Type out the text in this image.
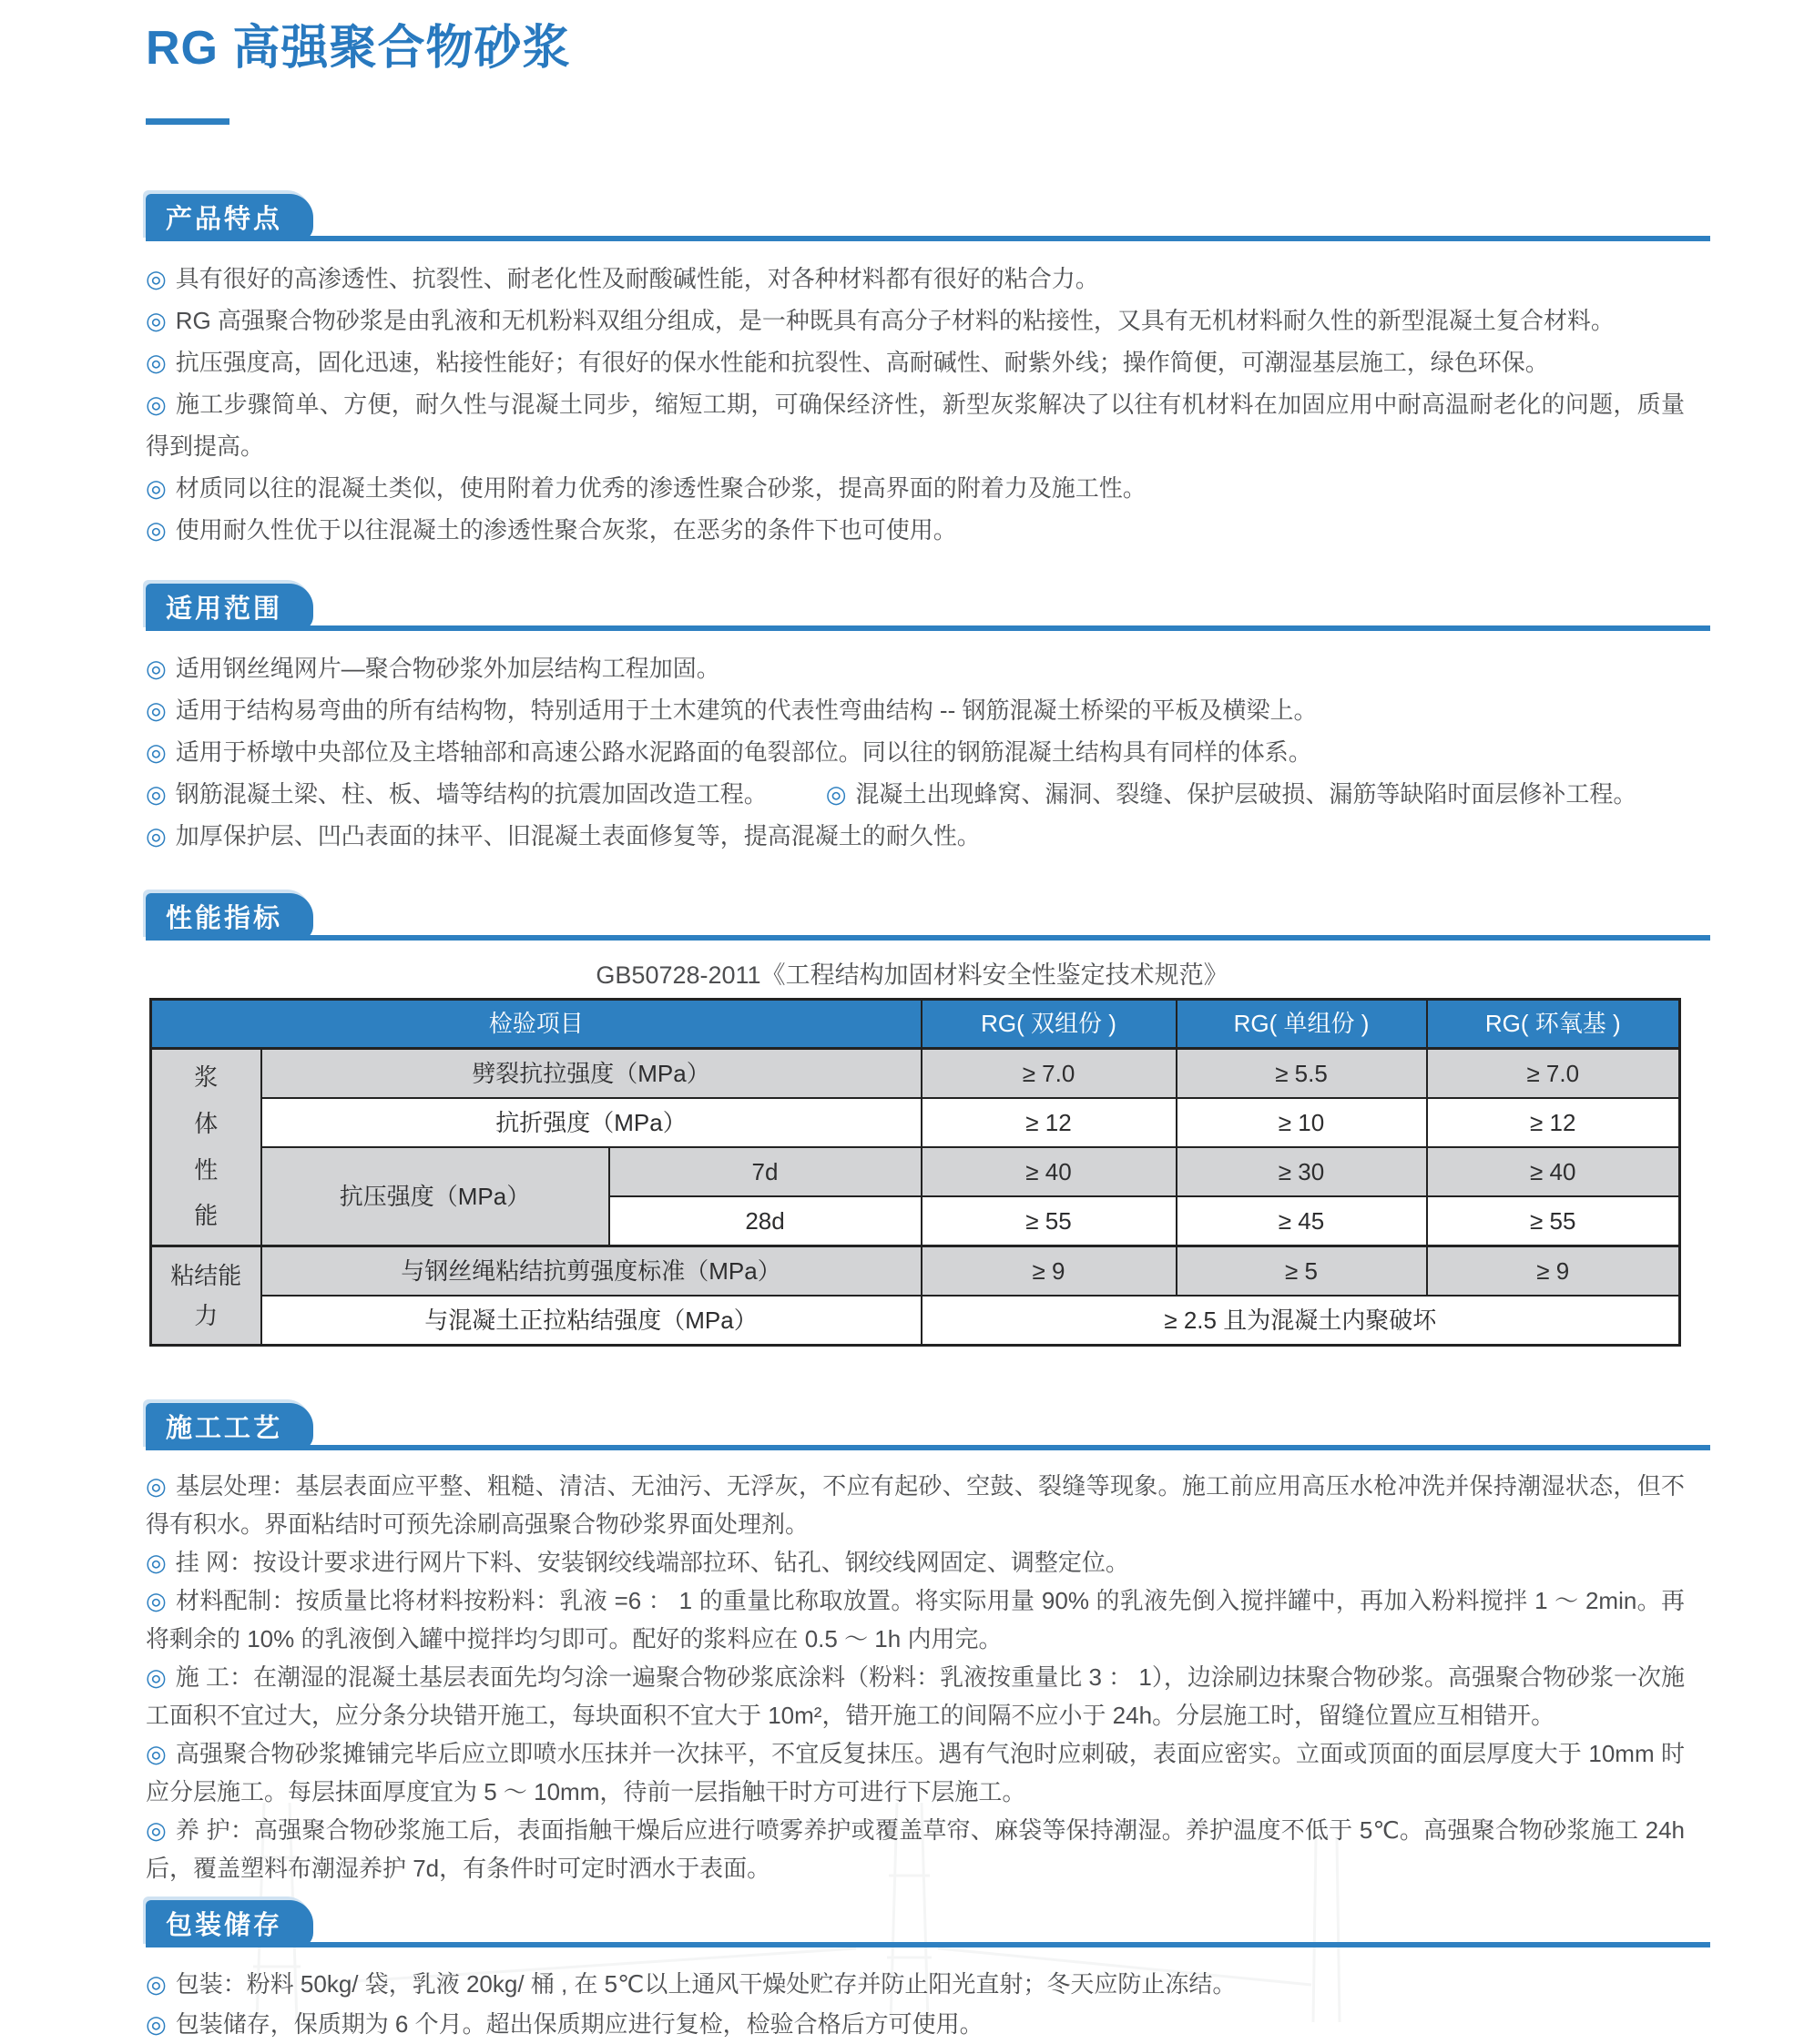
RG 高强聚合物砂浆
产品特点
◎ 具有很好的高渗透性、抗裂性、耐老化性及耐酸碱性能，对各种材料都有很好的粘合力。
◎ RG 高强聚合物砂浆是由乳液和无机粉料双组分组成，是一种既具有高分子材料的粘接性，又具有无机材料耐久性的新型混凝土复合材料。
◎ 抗压强度高，固化迅速，粘接性能好；有很好的保水性能和抗裂性、高耐碱性、耐紫外线；操作简便，可潮湿基层施工，绿色环保。
◎ 施工步骤简单、方便，耐久性与混凝土同步，缩短工期，可确保经济性，新型灰浆解决了以往有机材料在加固应用中耐高温耐老化的问题，质量得到提高。
◎ 材质同以往的混凝土类似，使用附着力优秀的渗透性聚合砂浆，提高界面的附着力及施工性。
◎ 使用耐久性优于以往混凝土的渗透性聚合灰浆，在恶劣的条件下也可使用。
适用范围
◎ 适用钢丝绳网片—聚合物砂浆外加层结构工程加固。
◎ 适用于结构易弯曲的所有结构物，特别适用于土木建筑的代表性弯曲结构 -- 钢筋混凝土桥梁的平板及横梁上。
◎ 适用于桥墩中央部位及主塔轴部和高速公路水泥路面的龟裂部位。同以往的钢筋混凝土结构具有同样的体系。
◎ 钢筋混凝土梁、柱、板、墙等结构的抗震加固改造工程。 ◎ 混凝土出现蜂窝、漏洞、裂缝、保护层破损、漏筋等缺陷时面层修补工程。
◎ 加厚保护层、凹凸表面的抹平、旧混凝土表面修复等，提高混凝土的耐久性。
性能指标
GB50728-2011《工程结构加固材料安全性鉴定技术规范》
检验项目			RG( 双组份 )	RG( 单组份 )	RG( 环氧基 )
浆体性能	劈裂抗拉强度（MPa）		≥ 7.0	≥ 5.5	≥ 7.0
	抗折强度（MPa）		≥ 12	≥ 10	≥ 12
	抗压强度（MPa）	7d	≥ 40	≥ 30	≥ 40
		28d	≥ 55	≥ 45	≥ 55
粘结能力	与钢丝绳粘结抗剪强度标准（MPa）		≥ 9	≥ 5	≥ 9
	与混凝土正拉粘结强度（MPa）		≥ 2.5 且为混凝土内聚破坏		
施工工艺
◎ 基层处理：基层表面应平整、粗糙、清洁、无油污、无浮灰，不应有起砂、空鼓、裂缝等现象。施工前应用高压水枪冲洗并保持潮湿状态，但不得有积水。界面粘结时可预先涂刷高强聚合物砂浆界面处理剂。
◎ 挂 网：按设计要求进行网片下料、安装钢绞线端部拉环、钻孔、钢绞线网固定、调整定位。
◎ 材料配制：按质量比将材料按粉料：乳液 =6 ： 1 的重量比称取放置。将实际用量 90% 的乳液先倒入搅拌罐中，再加入粉料搅拌 1 ～ 2min。再将剩余的 10% 的乳液倒入罐中搅拌均匀即可。配好的浆料应在 0.5 ～ 1h 内用完。
◎ 施 工：在潮湿的混凝土基层表面先均匀涂一遍聚合物砂浆底涂料（粉料：乳液按重量比 3 ： 1），边涂刷边抹聚合物砂浆。高强聚合物砂浆一次施工面积不宜过大，应分条分块错开施工，每块面积不宜大于 10m²，错开施工的间隔不应小于 24h。分层施工时，留缝位置应互相错开。
◎ 高强聚合物砂浆摊铺完毕后应立即喷水压抹并一次抹平，不宜反复抹压。遇有气泡时应刺破，表面应密实。立面或顶面的面层厚度大于 10mm 时应分层施工。每层抹面厚度宜为 5 ～ 10mm，待前一层指触干时方可进行下层施工。
◎ 养 护：高强聚合物砂浆施工后，表面指触干燥后应进行喷雾养护或覆盖草帘、麻袋等保持潮湿。养护温度不低于 5℃。高强聚合物砂浆施工 24h 后，覆盖塑料布潮湿养护 7d，有条件时可定时洒水于表面。
包装储存
◎ 包装：粉料 50kg/ 袋，乳液 20kg/ 桶 , 在 5℃以上通风干燥处贮存并防止阳光直射；冬天应防止冻结。
◎ 包装储存，保质期为 6 个月。超出保质期应进行复检，检验合格后方可使用。
